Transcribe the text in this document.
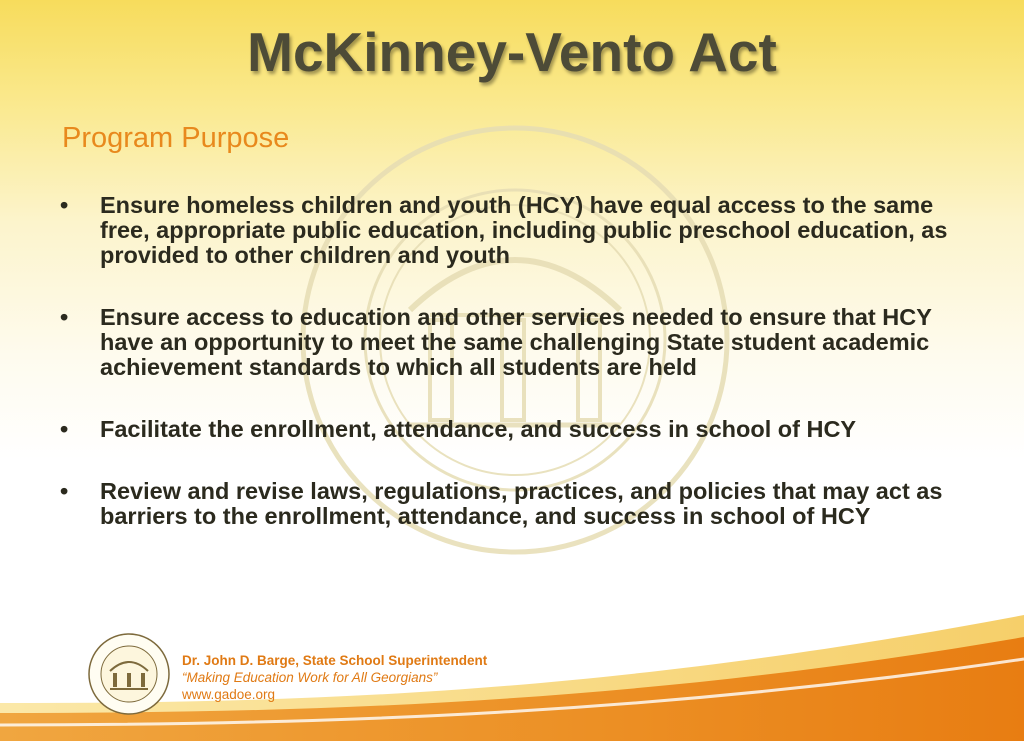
McKinney-Vento Act
Program Purpose
• Ensure homeless children and youth (HCY) have equal access to the same free, appropriate public education, including public preschool education, as provided to other children and youth
• Ensure access to education and other services needed to ensure that HCY have an opportunity to meet the same challenging State student academic achievement standards to which all students are held
• Facilitate the enrollment, attendance, and success in school of HCY
• Review and revise laws, regulations, practices, and policies that may act as barriers to the enrollment, attendance, and success in school of HCY
Dr. John D. Barge, State School Superintendent
“Making Education Work for All Georgians”
www.gadoe.org
